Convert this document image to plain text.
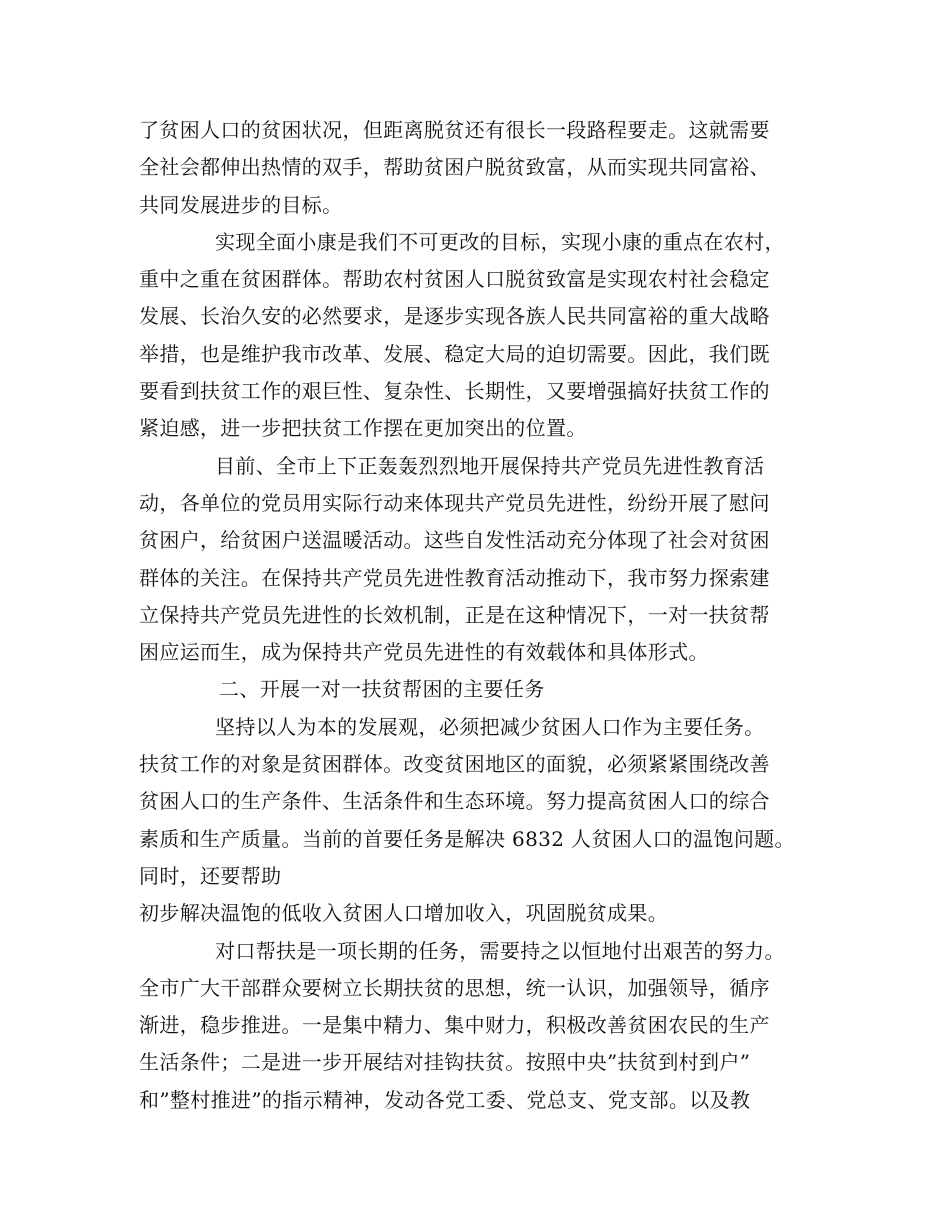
了贫困人口的贫困状况，但距离脱贫还有很长一段路程要走。这就需要
全社会都伸出热情的双手，帮助贫困户脱贫致富，从而实现共同富裕、
共同发展进步的目标。
实现全面小康是我们不可更改的目标，实现小康的重点在农村，
重中之重在贫困群体。帮助农村贫困人口脱贫致富是实现农村社会稳定
发展、长治久安的必然要求，是逐步实现各族人民共同富裕的重大战略
举措，也是维护我市改革、发展、稳定大局的迫切需要。因此，我们既
要看到扶贫工作的艰巨性、复杂性、长期性，又要增强搞好扶贫工作的
紧迫感，进一步把扶贫工作摆在更加突出的位置。
目前、全市上下正轰轰烈烈地开展保持共产党员先进性教育活
动，各单位的党员用实际行动来体现共产党员先进性，纷纷开展了慰问
贫困户，给贫困户送温暖活动。这些自发性活动充分体现了社会对贫困
群体的关注。在保持共产党员先进性教育活动推动下，我市努力探索建
立保持共产党员先进性的长效机制，正是在这种情况下，一对一扶贫帮
困应运而生，成为保持共产党员先进性的有效载体和具体形式。
二、开展一对一扶贫帮困的主要任务
坚持以人为本的发展观，必须把减少贫困人口作为主要任务。
扶贫工作的对象是贫困群体。改变贫困地区的面貌，必须紧紧围绕改善
贫困人口的生产条件、生活条件和生态环境。努力提高贫困人口的综合
素质和生产质量。当前的首要任务是解决 6832 人贫困人口的温饱问题。
同时，还要帮助
初步解决温饱的低收入贫困人口增加收入，巩固脱贫成果。
对口帮扶是一项长期的任务，需要持之以恒地付出艰苦的努力。
全市广大干部群众要树立长期扶贫的思想，统一认识，加强领导，循序
渐进，稳步推进。一是集中精力、集中财力，积极改善贫困农民的生产
生活条件；二是进一步开展结对挂钩扶贫。按照中央”扶贫到村到户”
和”整村推进”的指示精神，发动各党工委、党总支、党支部。以及教
